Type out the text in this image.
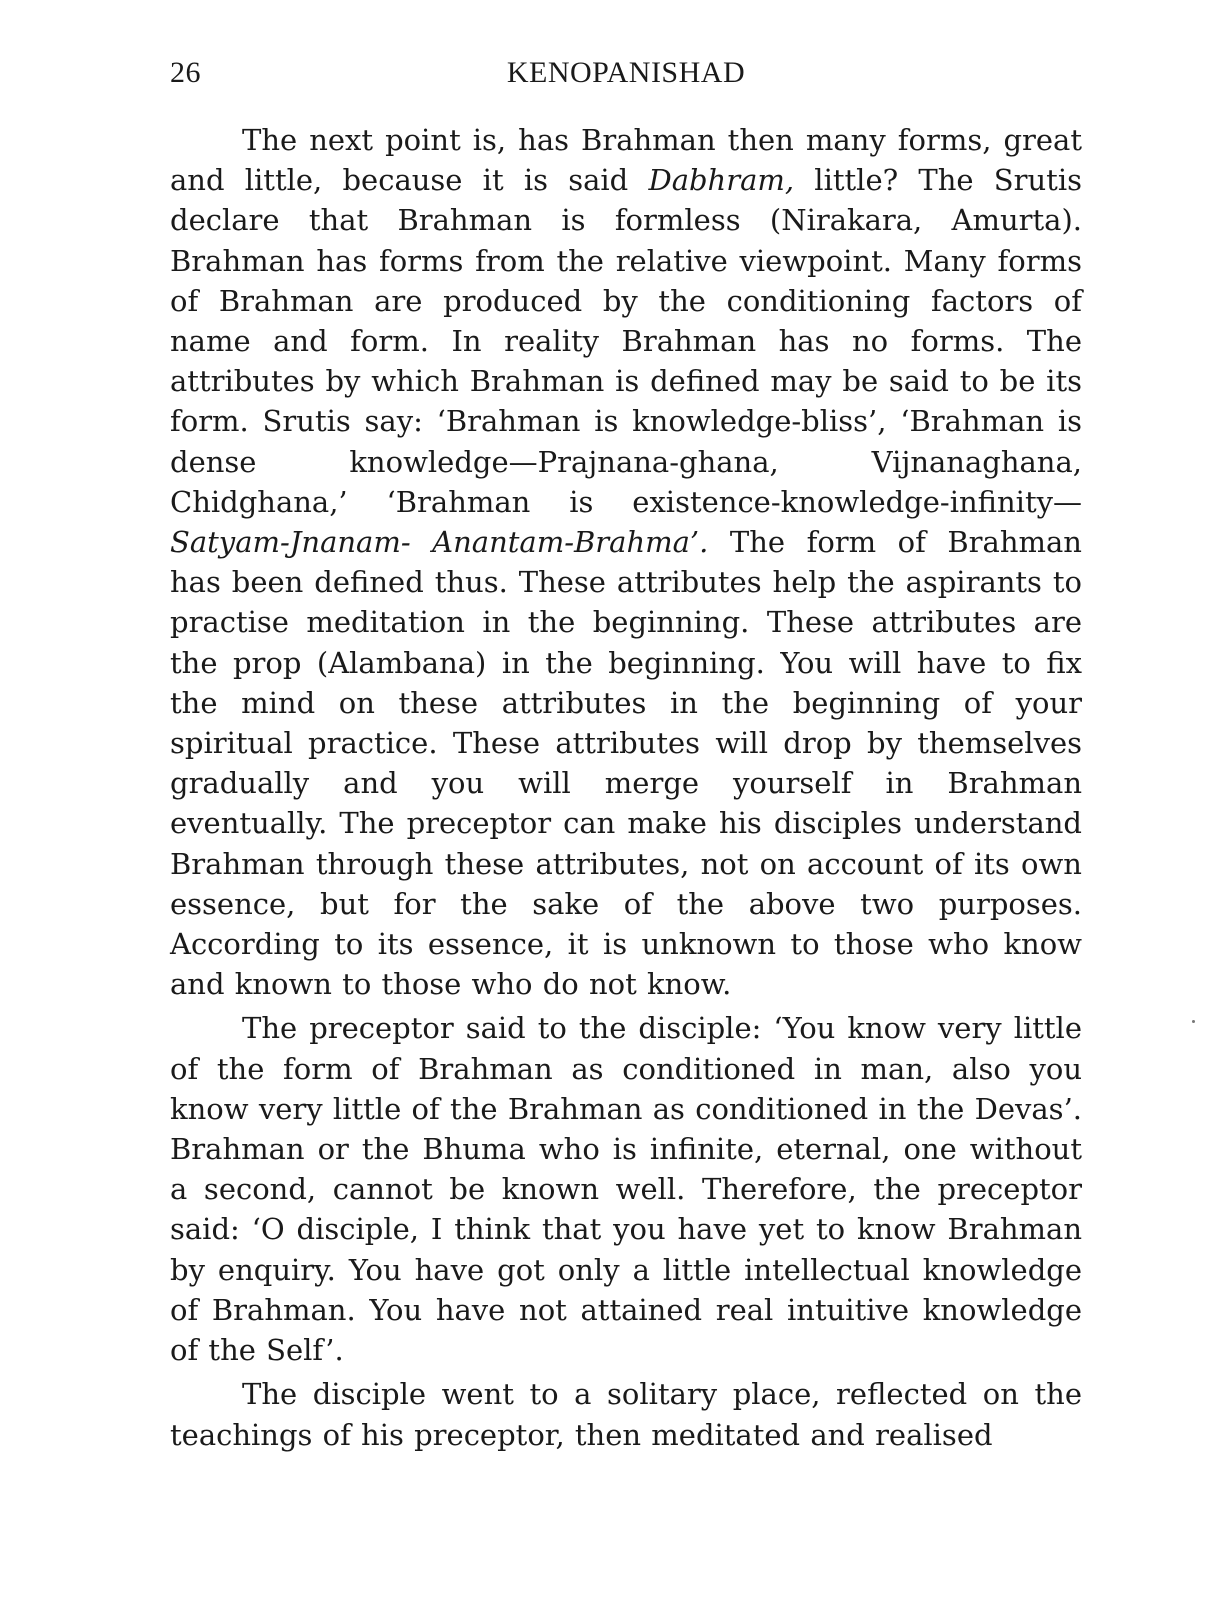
26	KENOPANISHAD

The next point is, has Brahman then many forms, great and little, because it is said Dabhram, little? The Srutis declare that Brahman is formless (Nirakara, Amurta). Brahman has forms from the relative viewpoint. Many forms of Brahman are produced by the conditioning factors of name and form. In reality Brahman has no forms. The attributes by which Brahman is defined may be said to be its form. Srutis say: ‘Brahman is knowledge-bliss’, ‘Brahman is dense knowledge—Prajnana-ghana, Vijnanaghana, Chidghana,’ ‘Brahman is existence-knowledge-infinity—Satyam-Jnanam- Anantam-Brahma’. The form of Brahman has been defined thus. These attributes help the aspirants to practise meditation in the beginning. These attributes are the prop (Alambana) in the beginning. You will have to fix the mind on these attributes in the beginning of your spiritual practice. These attributes will drop by themselves gradually and you will merge yourself in Brahman eventually. The preceptor can make his disciples understand Brahman through these attributes, not on account of its own essence, but for the sake of the above two purposes. According to its essence, it is unknown to those who know and known to those who do not know.

The preceptor said to the disciple: ‘You know very little of the form of Brahman as conditioned in man, also you know very little of the Brahman as conditioned in the Devas’. Brahman or the Bhuma who is infinite, eternal, one without a second, cannot be known well. Therefore, the preceptor said: ‘O disciple, I think that you have yet to know Brahman by enquiry. You have got only a little intellectual knowledge of Brahman. You have not attained real intuitive knowledge of the Self’.

The disciple went to a solitary place, reflected on the teachings of his preceptor, then meditated and realised
